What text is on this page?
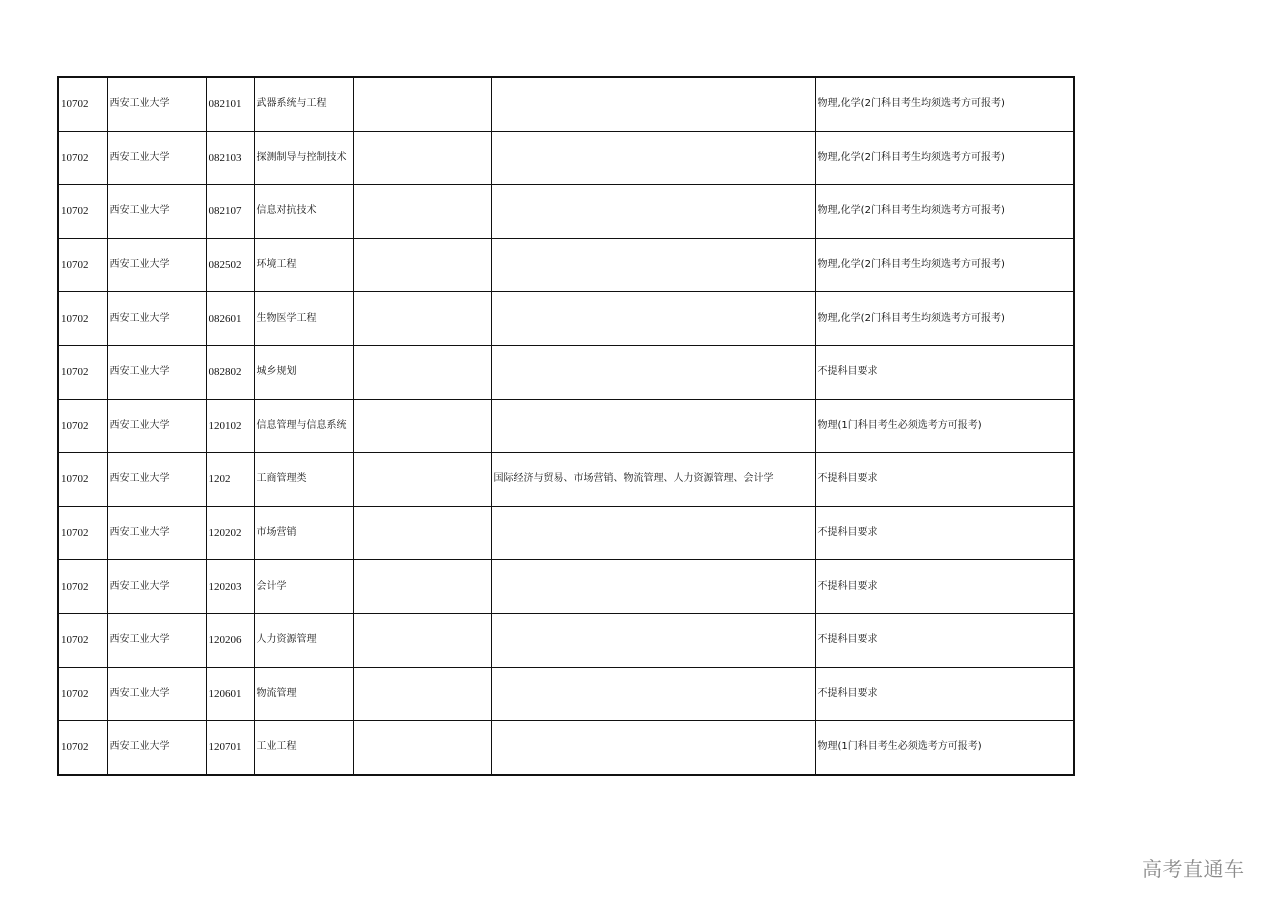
10702	西安工业大学	082101	武器系统与工程			物理,化学(2门科目考生均须选考方可报考)
10702	西安工业大学	082103	探测制导与控制技术			物理,化学(2门科目考生均须选考方可报考)
10702	西安工业大学	082107	信息对抗技术			物理,化学(2门科目考生均须选考方可报考)
10702	西安工业大学	082502	环境工程			物理,化学(2门科目考生均须选考方可报考)
10702	西安工业大学	082601	生物医学工程			物理,化学(2门科目考生均须选考方可报考)
10702	西安工业大学	082802	城乡规划			不提科目要求
10702	西安工业大学	120102	信息管理与信息系统			物理(1门科目考生必须选考方可报考)
10702	西安工业大学	1202	工商管理类		国际经济与贸易、市场营销、物流管理、人力资源管理、会计学	不提科目要求
10702	西安工业大学	120202	市场营销			不提科目要求
10702	西安工业大学	120203	会计学			不提科目要求
10702	西安工业大学	120206	人力资源管理			不提科目要求
10702	西安工业大学	120601	物流管理			不提科目要求
10702	西安工业大学	120701	工业工程			物理(1门科目考生必须选考方可报考)
高考直通车
